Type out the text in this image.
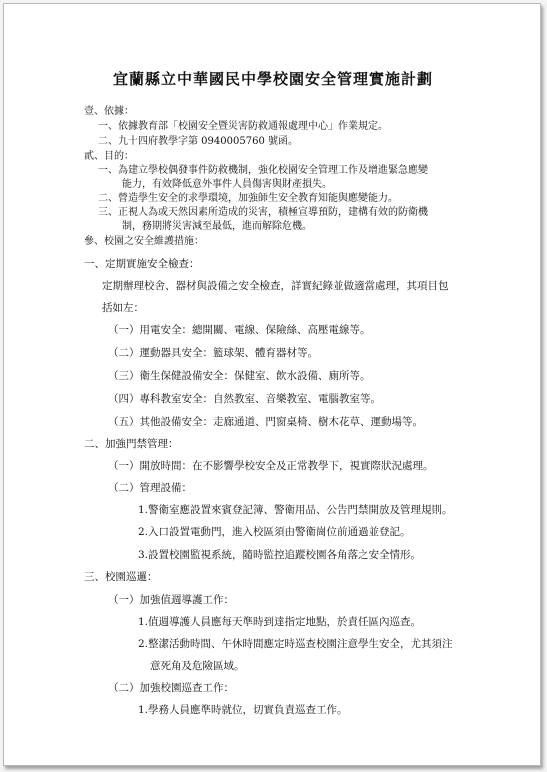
宜蘭縣立中華國民中學校園安全管理實施計劃
壹、依據：
一、依據教育部「校園安全暨災害防救通報處理中心」作業規定。
二、九十四府教學字第 0940005760 號函。
貳、目的：
一、為建立學校偶發事件防救機制，強化校園安全管理工作及增進緊急應變
能力，有效降低意外事件人員傷害與財產損失。
二、營造學生安全的求學環境，加強師生安全教育知能與應變能力。
三、正視人為或天然因素所造成的災害，積極宣導預防，建構有效的防衛機
制，務期將災害減至最低，進而解除危機。
參、校園之安全維護措施：
一、定期實施安全檢查：
定期辦理校舍、器材與設備之安全檢查，詳實紀錄並做適當處理，其項目包
括如左：
（一）用電安全：總開關、電線、保險絲、高壓電線等。
（二）運動器具安全：籃球架、體育器材等。
（三）衛生保健設備安全：保健室、飲水設備、廁所等。
（四）專科教室安全：自然教室、音樂教室、電腦教室等。
（五）其他設備安全：走廊通道、門窗桌椅、樹木花草、運動場等。
二、加強門禁管理：
（一）開放時間：在不影響學校安全及正常教學下，視實際狀況處理。
（二）管理設備：
1.警衛室應設置來賓登記簿、警衛用品、公告門禁開放及管理規則。
2.入口設置電動門，進入校區須由警衛崗位前通過並登記。
3.設置校園監視系統，隨時監控追蹤校園各角落之安全情形。
三、校園巡邏：
（一）加強值週導護工作：
1.值週導護人員應每天準時到達指定地點，於責任區內巡查。
2.整潔活動時間、午休時間應定時巡查校園注意學生安全，尤其須注
意死角及危險區域。
（二）加強校園巡查工作：
1.學務人員應準時就位，切實負責巡查工作。
